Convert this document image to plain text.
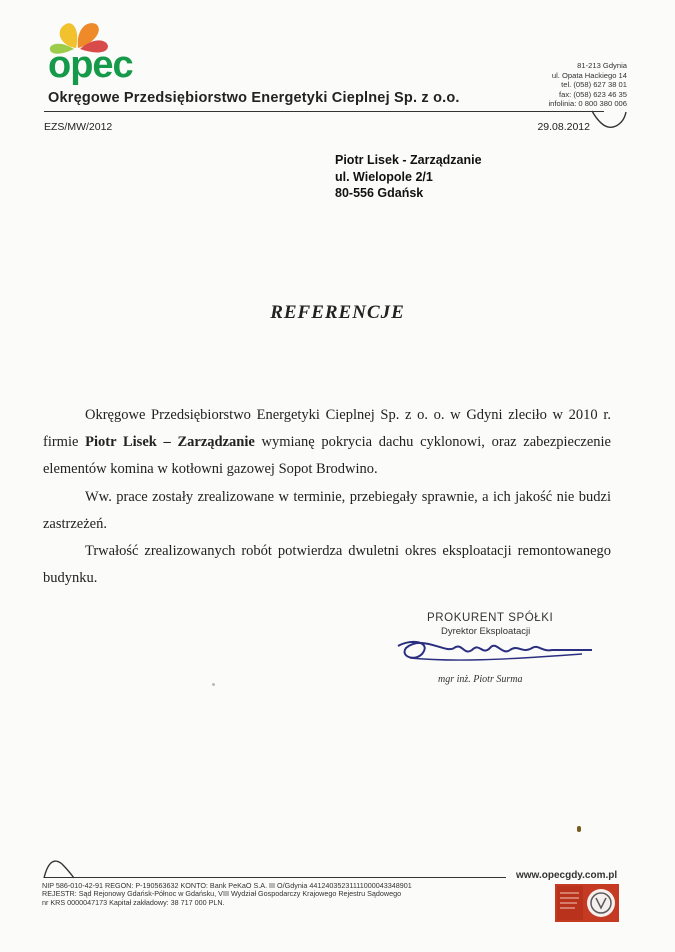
opec
Okręgowe Przedsiębiorstwo Energetyki Cieplnej Sp. z o.o.
81-213 Gdynia
ul. Opata Hackiego 14
tel. (058) 627 38 01
fax: (058) 623 46 35
infolinia: 0 800 380 006
EZS/MW/2012	29.08.2012
Piotr Lisek - Zarządzanie
ul. Wielopole 2/1
80-556 Gdańsk
REFERENCJE

Okręgowe Przedsiębiorstwo Energetyki Cieplnej Sp. z o. o. w Gdyni zleciło w 2010 r. firmie Piotr Lisek – Zarządzanie wymianę pokrycia dachu cyklonowi, oraz zabezpieczenie elementów komina w kotłowni gazowej Sopot Brodwino.

Ww. prace zostały zrealizowane w terminie, przebiegały sprawnie, a ich jakość nie budzi zastrzeżeń.

Trwałość zrealizowanych robót potwierdza dwuletni okres eksploatacji remontowanego budynku.

PROKURENT SPÓŁKI
Dyrektor Eksploatacji
mgr inż. Piotr Surma
NIP 586-010-42-91 REGON: P-190563632 KONTO: Bank PeKaO S.A. III O/Gdynia 44124035231111000043348901
REJESTR: Sąd Rejonowy Gdańsk-Północ w Gdańsku, VIII Wydział Gospodarczy Krajowego Rejestru Sądowego
nr KRS 0000047173 Kapitał zakładowy: 38 717 000 PLN.
www.opecgdy.com.pl
